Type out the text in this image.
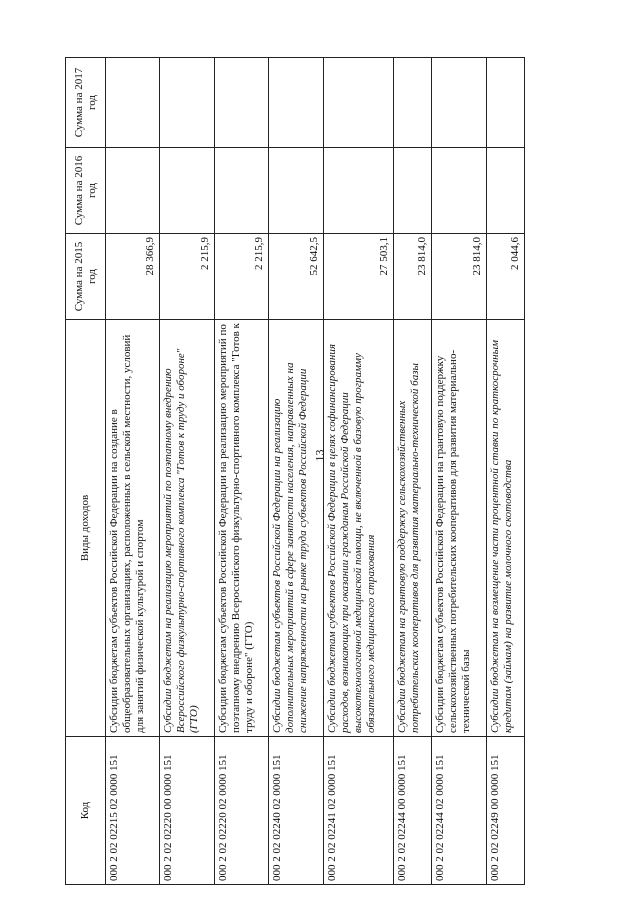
13
Код	Виды доходов	Сумма на 2015 год	Сумма на 2016 год	Сумма на 2017 год
000 2 02 02215 02 0000 151	Субсидии бюджетам субъектов Российской Федерации на создание в общеобразовательных организациях, расположенных в сельской местности, условий для занятий физической культурой и спортом	28 366,9		
000 2 02 02220 00 0000 151	Субсидии бюджетам на реализацию мероприятий по поэтапному внедрению Всероссийского физкультурно-спортивного комплекса "Готов к труду и обороне" (ГТО)	2 215,9		
000 2 02 02220 02 0000 151	Субсидии бюджетам субъектов Российской Федерации на реализацию мероприятий по поэтапному внедрению Всероссийского физкультурно-спортивного комплекса "Готов к труду и обороне" (ГТО)	2 215,9		
000 2 02 02240 02 0000 151	Субсидии бюджетам субъектов Российской Федерации на реализацию дополнительных мероприятий в сфере занятости населения, направленных на снижение напряженности на рынке труда субъектов Российской Федерации	52 642,5		
000 2 02 02241 02 0000 151	Субсидии бюджетам субъектов Российской Федерации в целях софинансирования расходов, возникающих при оказании гражданам Российской Федерации высокотехнологичной медицинской помощи, не включенной в базовую программу обязательного медицинского страхования	27 503,1		
000 2 02 02244 00 0000 151	Субсидии бюджетам на грантовую поддержку сельскохозяйственных потребительских кооперативов для развития материально-технической базы	23 814,0		
000 2 02 02244 02 0000 151	Субсидии бюджетам субъектов Российской Федерации на грантовую поддержку сельскохозяйственных потребительских кооперативов для развития материально-технической базы	23 814,0		
000 2 02 02249 00 0000 151	Субсидии бюджетам на возмещение части процентной ставки по краткосрочным кредитам (займам) на развитие молочного скотоводства	2 044,6		
